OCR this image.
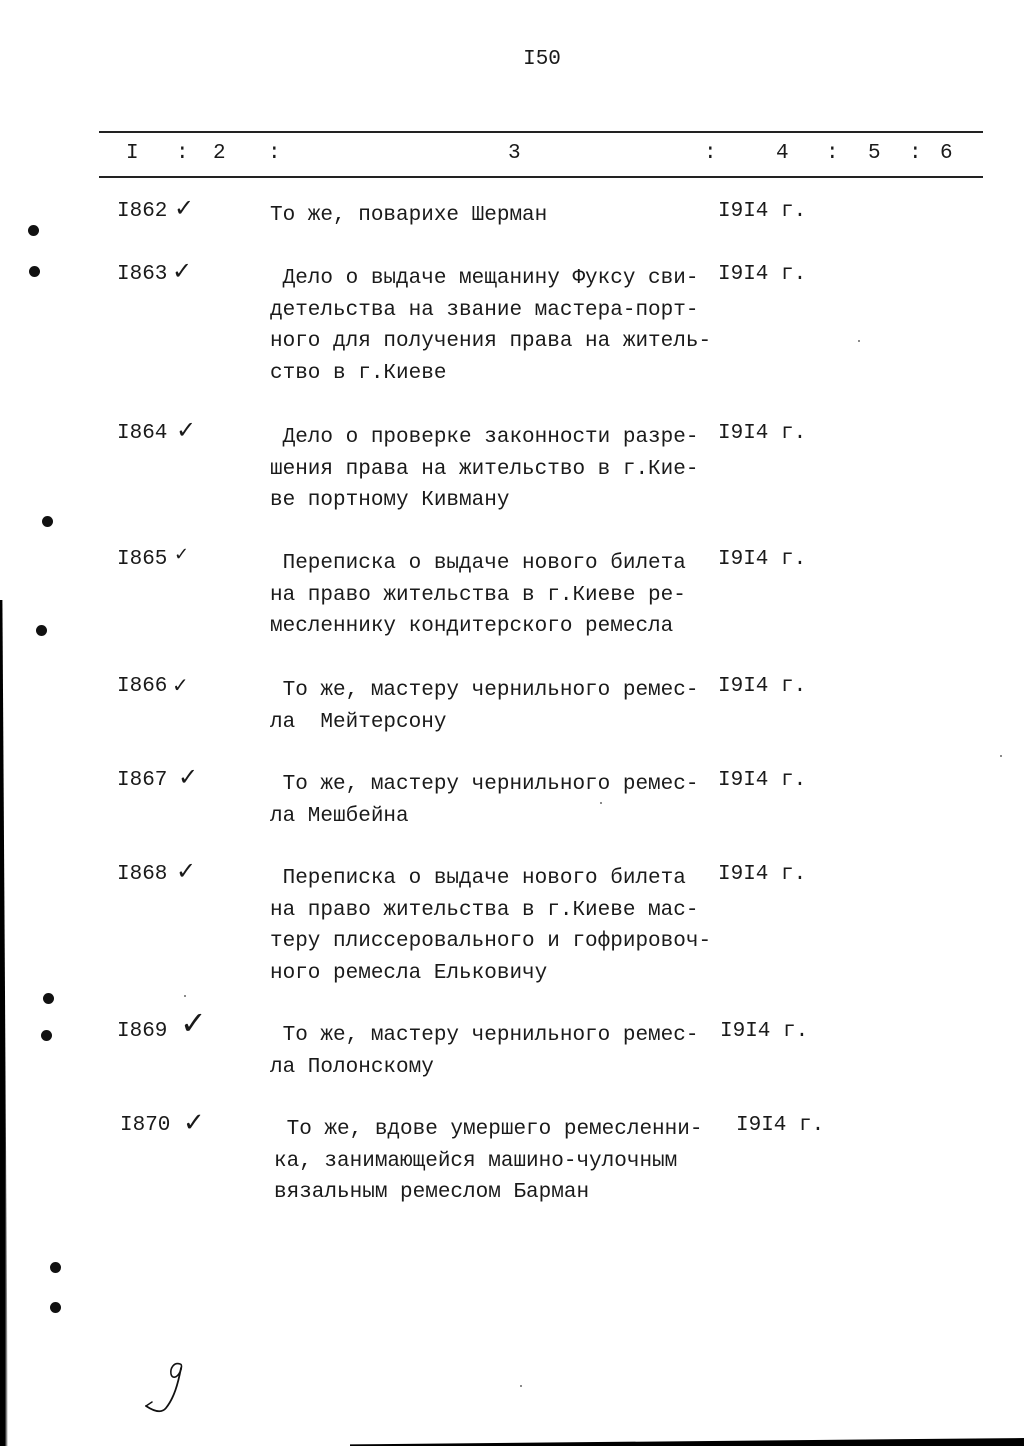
I50
I : 2 :	3	:	4 : 5 : 6
I862 ✓	То же, поварихе Шерман	I9I4 г.
I863 ✓	Дело о выдаче мещанину Фуксу сви-
детельства на звание мастера-порт-
ного для получения права на житель-
ство в г.Киеве
I9I4 г.
I864 ✓	Дело о проверке законности разре-
шения права на жительство в г.Кие-
ве портному Кивману
I9I4 г.
I865 ✓	Переписка о выдаче нового билета
на право жительства в г.Киеве ре-
месленнику кондитерского ремесла
I9I4 г.
I866 ✓	То же, мастеру чернильного ремес-
ла  Мейтерсону
I9I4 г.
I867 ✓	То же, мастеру чернильного ремес-
ла Мешбейна
I9I4 г.
I868 ✓	Переписка о выдаче нового билета
на право жительства в г.Киеве мас-
теру плиссеровального и гофрировоч-
ного ремесла Ельковичу
I9I4 г.
I869 ✓	То же, мастеру чернильного ремес-
ла Полонскому
I9I4 г.
I870 ✓	То же, вдове умершего ремесленни-
ка, занимающейся машино-чулочным
вязальным ремеслом Барман
I9I4 г.
